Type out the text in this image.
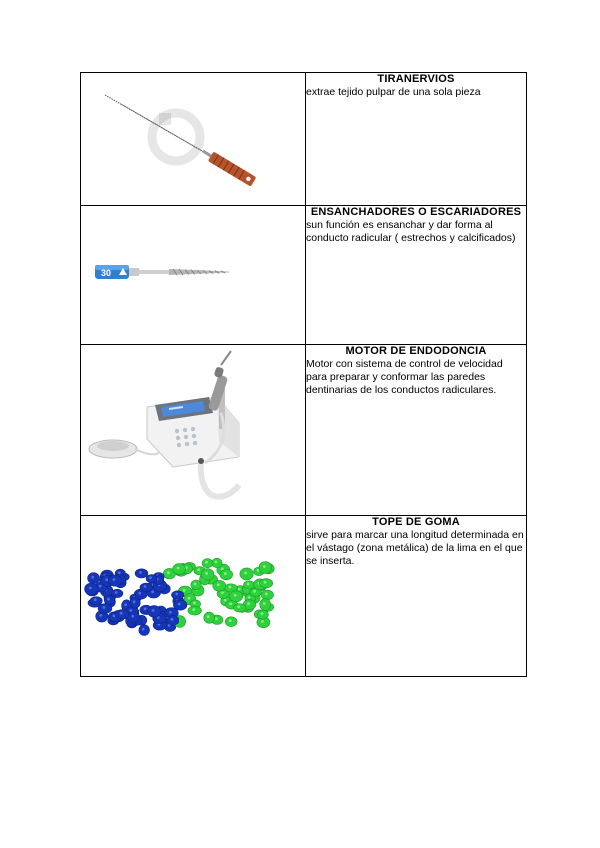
TIRANERVIOS

extrae tejido pulpar de una sola pieza

30	ENSANCHADORES O ESCARIADORES

sun función es ensanchar y dar forma al conducto radicular ( estrechos y calcificados)

MOTOR DE ENDODONCIA

Motor con sistema de control de velocidad para preparar y conformar las paredes dentinarias de los conductos radiculares.

TOPE DE GOMA

sirve para marcar una longitud determinada en el vástago (zona metálica) de la lima en el que se inserta.
